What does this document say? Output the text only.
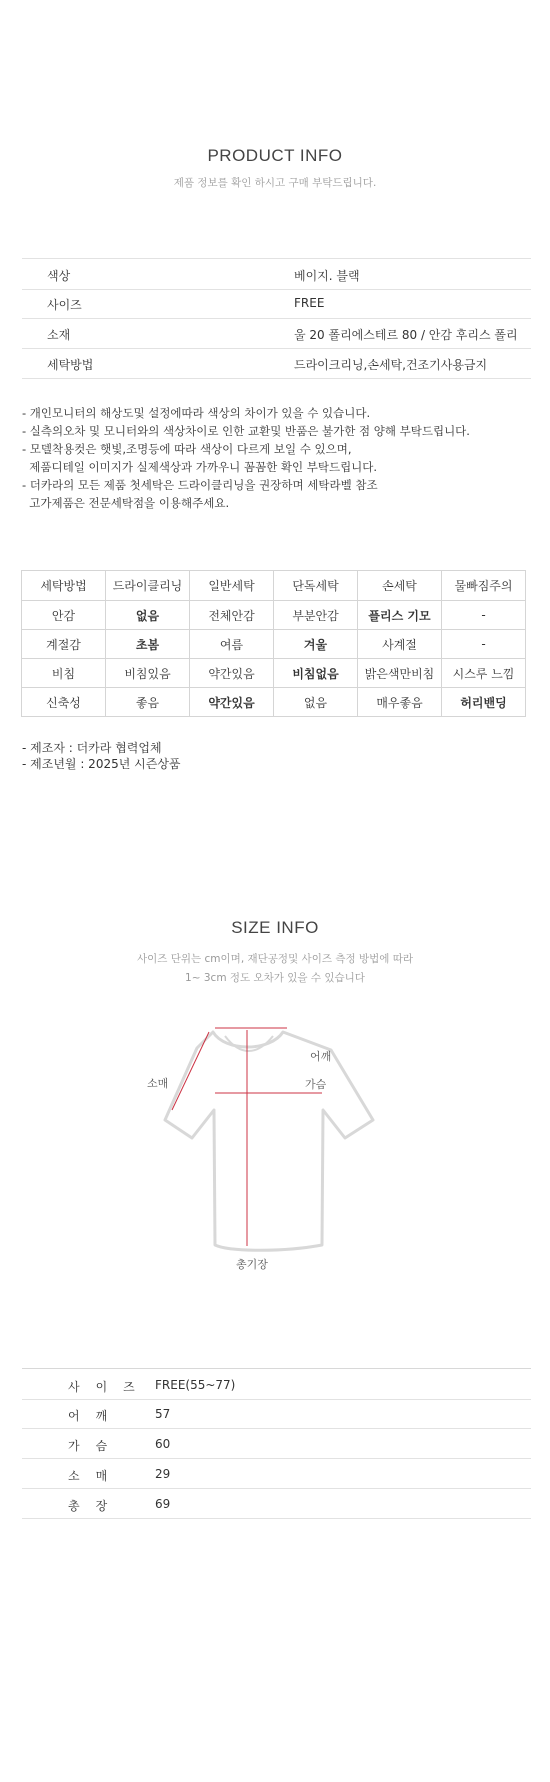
PRODUCT INFO
제품 정보를 확인 하시고 구매 부탁드립니다.
색상	베이지. 블랙
사이즈	FREE
소재	울 20 폴리에스테르 80 / 안감 후리스 폴리
세탁방법	드라이크리닝,손세탁,건조기사용금지
- 개인모니터의 해상도및 설정에따라 색상의 차이가 있을 수 있습니다.
- 실측의오차 및 모니터와의 색상차이로 인한 교환및 반품은 불가한 점 양해 부탁드립니다.
- 모델착용컷은 햇빛,조명등에 따라 색상이 다르게 보일 수 있으며,
제품디테일 이미지가 실제색상과 가까우니 꼼꼼한 확인 부탁드립니다.
- 더카라의 모든 제품 첫세탁은 드라이클리닝을 권장하며 세탁라벨 참조
고가제품은 전문세탁점을 이용해주세요.
세탁방법	드라이클리닝	일반세탁	단독세탁	손세탁	물빠짐주의
안감	없음	전체안감	부분안감	플리스 기모	-
계절감	초봄	여름	겨울	사계절	-
비침	비침있음	약간있음	비침없음	밝은색만비침	시스루 느낌
신축성	좋음	약간있음	없음	매우좋음	허리밴딩
- 제조자 : 더카라 협력업체
- 제조년월 : 2025년 시즌상품
SIZE INFO
사이즈 단위는 cm이며, 재단공정및 사이즈 측정 방법에 따라
1~ 3cm 정도 오차가 있을 수 있습니다
소매
어깨
가슴
총기장
사이즈 FREE(55~77)
어깨	57
가슴	60
소매	29
총장	69
